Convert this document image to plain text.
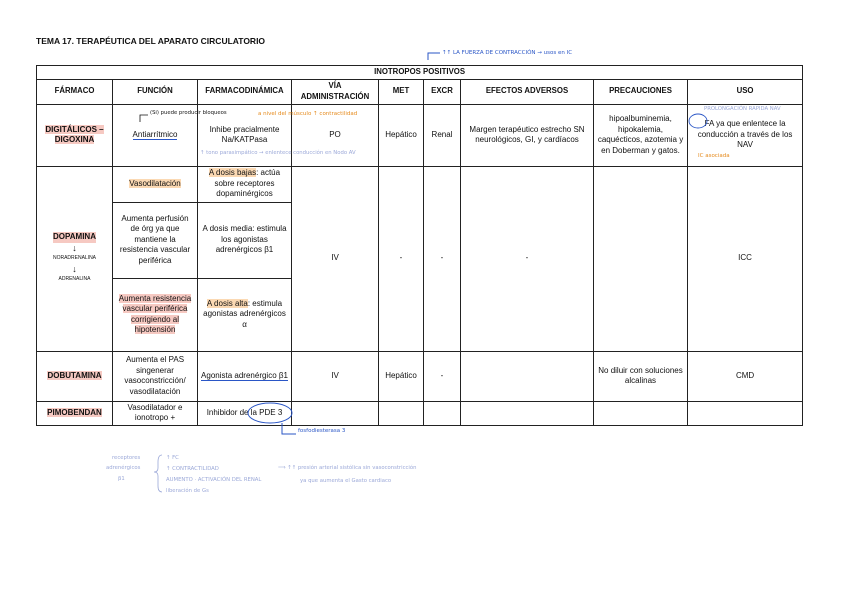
TEMA 17. TERAPÉUTICA DEL APARATO CIRCULATORIO
INOTROPOS POSITIVOS								
FÁRMACO	FUNCIÓN	FARMACODINÁMICA	VÍA ADMINISTRACIÓN	MET	EXCR	EFECTOS ADVERSOS	PRECAUCIONES	USO
DIGITÁLICOS – DIGOXINA	Antiarrítmico	Inhibe pracialmente Na/KATPasa	PO	Hepático	Renal	Margen terapéutico estrecho SN neurológicos, GI, y cardíacos	hipoalbuminemia, hipokalemia, caquécticos, azotemia y en Doberman y gatos.	FA ya que enlentece la conducción a través de los NAV
DOPAMINA
↓
NORADRENALINA
↓
ADRENALINA	Vasodilatación	A dosis bajas: actúa sobre receptores dopaminérgicos	IV	-	-	-		ICC
	Aumenta perfusión de órg ya que mantiene la resistencia vascular periférica	A dosis media: estimula los agonistas adrenérgicos β1						
	Aumenta resistencia vascular periférica corrigiendo al hipotensión	A dosis alta: estimula agonistas adrenérgicos α						
DOBUTAMINA	Aumenta el PAS singenerar vasoconstricción/ vasodilatación	Agonista adrenérgico β1	IV	Hepático	-		No diluir con soluciones alcalinas	CMD
PIMOBENDAN	Vasodilatador e ionotropo +	Inhibidor de la PDE 3						
↑↑ LA FUERZA DE CONTRACCIÓN → usos en IC
(Si) puede producir bloqueos	a nivel del músculo ↑ contractilidad
↑ tono parasimpático → enlentece conducción en Nodo AV
PROLONGACIÓN RAPIDA NAV
IC asociada
fosfodiesterasa 3
receptores
adrenérgicos
β1
↑ FC
↑ CONTRACTILIDAD
AUMENTO · ACTIVACIÓN DEL RENAL
liberación de Gs
⟹ ↑↑ presión arterial sistólica sin vasoconstricción
ya que aumenta el Gasto cardiaco
